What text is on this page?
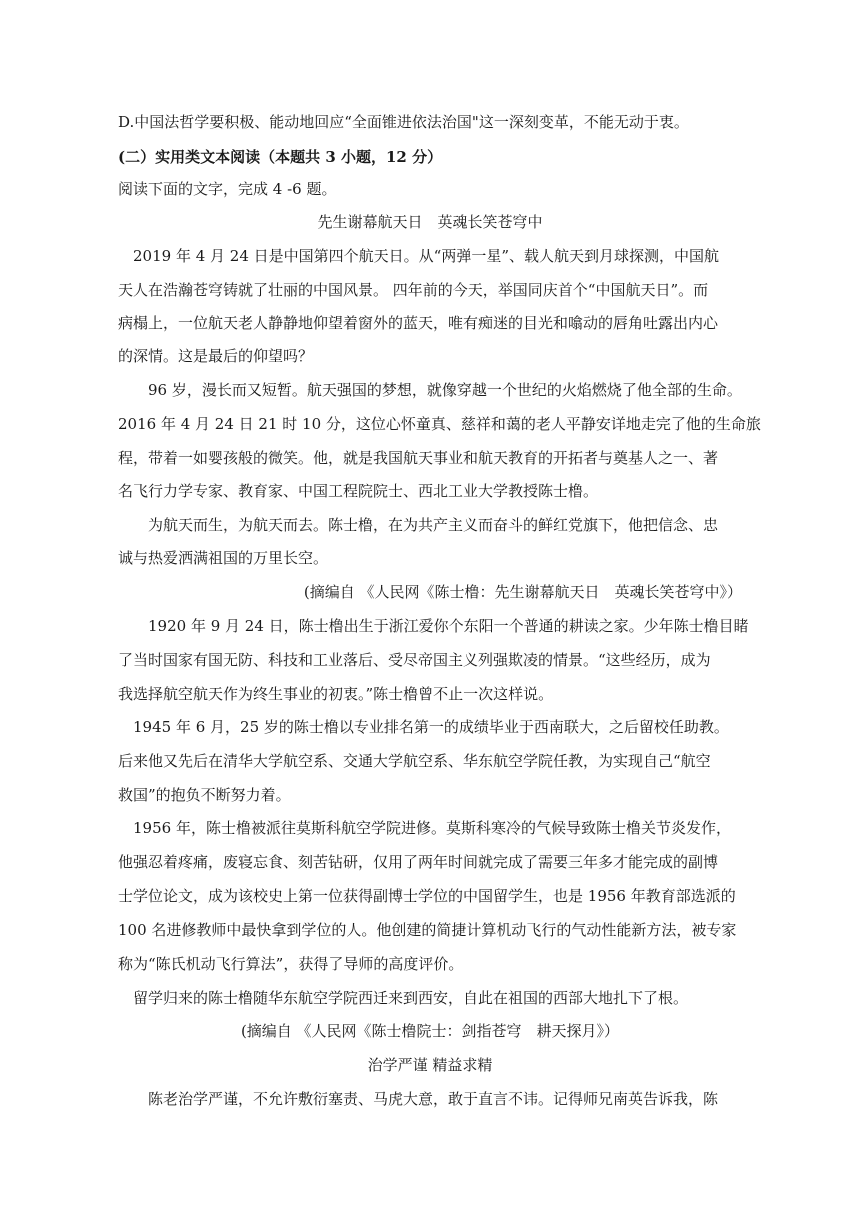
D.中国法哲学要积极、能动地回应“全面锥进依法治国"这一深刻变革，不能无动于衷。
(二）实用类文本阅读（本题共 3 小题，12 分）
阅读下面的文字，完成 4 -6 题。
先生谢幕航天日　英魂长笑苍穹中
　2019 年 4 月 24 日是中国第四个航天日。从“两弹一星”、载人航天到月球探测，中国航
天人在浩瀚苍穹铸就了壮丽的中国风景。 四年前的今天，举国同庆首个“中国航天日”。而
病榻上，一位航天老人静静地仰望着窗外的蓝天，唯有痴迷的目光和噏动的唇角吐露出内心
的深情。这是最后的仰望吗？
　　96 岁，漫长而又短暂。航天强国的梦想，就像穿越一个世纪的火焰燃烧了他全部的生命。
2016 年 4 月 24 日 21 时 10 分，这位心怀童真、慈祥和蔼的老人平静安详地走完了他的生命旅
程，带着一如婴孩般的微笑。他，就是我国航天事业和航天教育的开拓者与奠基人之一、著
名飞行力学专家、教育家、中国工程院院士、西北工业大学教授陈士橹。
　　为航天而生，为航天而去。陈士橹，在为共产主义而奋斗的鲜红党旗下，他把信念、忠
诚与热爱洒满祖国的万里长空。
(摘编自 《人民网《陈士橹：先生谢幕航天日　英魂长笑苍穹中》）
　　1920 年 9 月 24 日，陈士橹出生于浙江爱你个东阳一个普通的耕读之家。少年陈士橹目睹
了当时国家有国无防、科技和工业落后、受尽帝国主义列强欺凌的情景。“这些经历，成为
我选择航空航天作为终生事业的初衷。”陈士橹曾不止一次这样说。
　1945 年 6 月，25 岁的陈士橹以专业排名第一的成绩毕业于西南联大，之后留校任助教。
后来他又先后在清华大学航空系、交通大学航空系、华东航空学院任教，为实现自己“航空
救国”的抱负不断努力着。
　1956 年，陈士橹被派往莫斯科航空学院进修。莫斯科寒冷的气候导致陈士橹关节炎发作，
他强忍着疼痛，废寝忘食、刻苦钻研，仅用了两年时间就完成了需要三年多才能完成的副博
士学位论文，成为该校史上第一位获得副博士学位的中国留学生，也是 1956 年教育部选派的
100 名进修教师中最快拿到学位的人。他创建的简捷计算机动飞行的气动性能新方法，被专家
称为“陈氏机动飞行算法”，获得了导师的高度评价。
　留学归来的陈士橹随华东航空学院西迁来到西安，自此在祖国的西部大地扎下了根。
(摘编自 《人民网《陈士橹院士：剑指苍穹　耕天探月》）
治学严谨 精益求精
　　陈老治学严谨，不允许敷衍塞责、马虎大意，敢于直言不讳。记得师兄南英告诉我，陈
